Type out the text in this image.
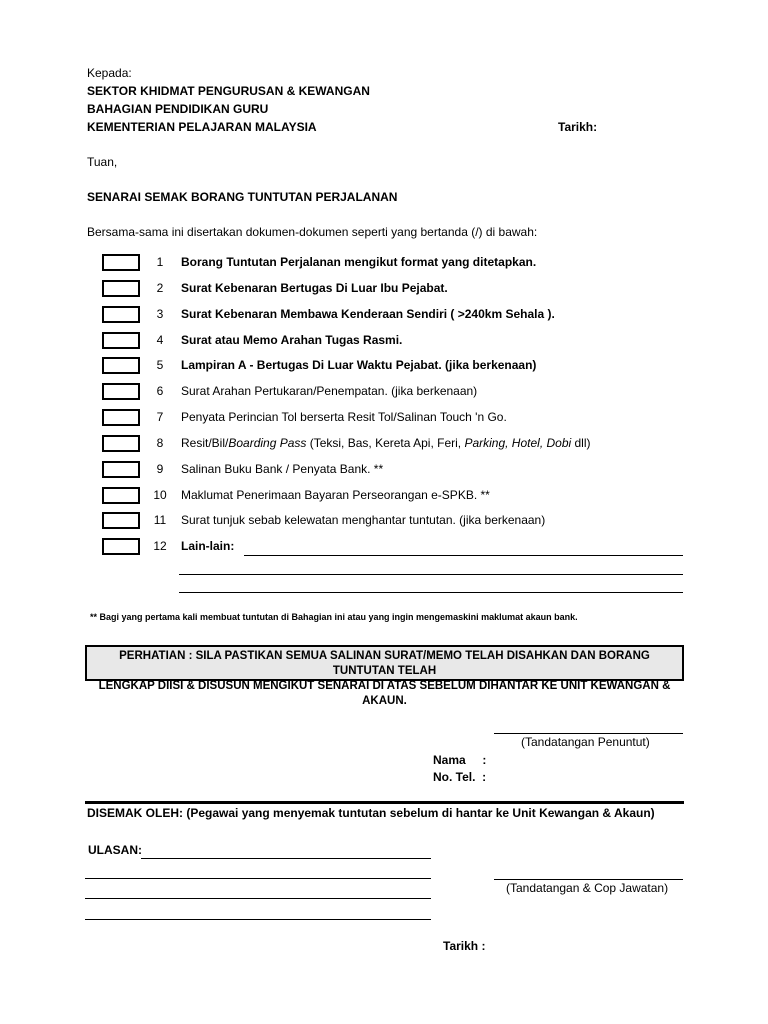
Kepada:
SEKTOR KHIDMAT PENGURUSAN & KEWANGAN
BAHAGIAN PENDIDIKAN GURU
KEMENTERIAN PELAJARAN MALAYSIA	Tarikh:
Tuan,
SENARAI SEMAK BORANG TUNTUTAN PERJALANAN
Bersama-sama ini disertakan dokumen-dokumen seperti yang bertanda (/) di bawah:
1	Borang Tuntutan Perjalanan mengikut format yang ditetapkan.
2	Surat Kebenaran Bertugas Di Luar Ibu Pejabat.
3	Surat Kebenaran Membawa Kenderaan Sendiri ( >240km Sehala ).
4	Surat atau Memo Arahan Tugas Rasmi.
5	Lampiran A - Bertugas Di Luar Waktu Pejabat. (jika berkenaan)
6	Surat Arahan Pertukaran/Penempatan. (jika berkenaan)
7	Penyata Perincian Tol berserta Resit Tol/Salinan Touch 'n Go.
8	Resit/Bil/Boarding Pass (Teksi, Bas, Kereta Api, Feri, Parking, Hotel, Dobi dll)
9	Salinan Buku Bank / Penyata Bank. **
10 Maklumat Penerimaan Bayaran Perseorangan e-SPKB. **
11	Surat tunjuk sebab kelewatan menghantar tuntutan. (jika berkenaan)
12 Lain-lain:
** Bagi yang pertama kali membuat tuntutan di Bahagian ini atau yang ingin mengemaskini maklumat akaun bank.
PERHATIAN : SILA PASTIKAN SEMUA SALINAN SURAT/MEMO TELAH DISAHKAN DAN BORANG TUNTUTAN TELAH
LENGKAP DIISI & DISUSUN MENGIKUT SENARAI DI ATAS SEBELUM DIHANTAR KE UNIT KEWANGAN & AKAUN.
(Tandatangan Penuntut)
Nama     :
No. Tel.  :
DISEMAK OLEH: (Pegawai yang menyemak tuntutan sebelum di hantar ke Unit Kewangan & Akaun)
ULASAN:
(Tandatangan & Cop Jawatan)
Tarikh :
